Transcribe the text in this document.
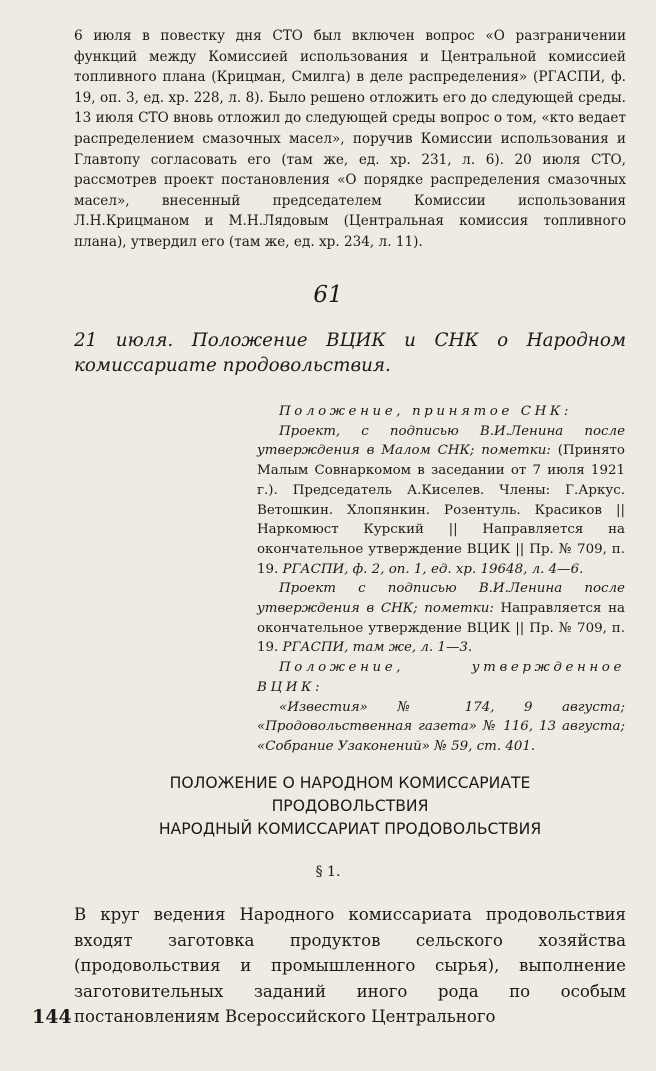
6 июля в повестку дня СТО был включен вопрос «О разграничении функций между Комиссией использования и Центральной комиссией топливного плана (Крицман, Смилга) в деле распределения» (РГАСПИ, ф. 19, оп. 3, ед. хр. 228, л. 8). Было решено отложить его до следующей среды. 13 июля СТО вновь отложил до следующей среды вопрос о том, «кто ведает распределением смазочных масел», поручив Комиссии использования и Главтопу согласовать его (там же, ед. хр. 231, л. 6). 20 июля СТО, рассмотрев проект постановления «О порядке распределения смазочных масел», внесенный председателем Комиссии использования Л.Н.Крицманом и М.Н.Лядовым (Центральная комиссия топливного плана), утвердил его (там же, ед. хр. 234, л. 11).
61
21 июля. Положение ВЦИК и СНК о Народном комиссариате продовольствия.

Положение, принятое СНК:

Проект, с подписью В.И.Ленина после утверждения в Малом СНК; пометки: (Принято Малым Совнаркомом в заседании от 7 июля 1921 г.). Председатель А.Киселев. Члены: Г.Аркус. Ветошкин. Хлопянкин. Розентуль. Красиков || Наркомюст Курский || Направляется на окончательное утверждение ВЦИК || Пр. № 709, п. 19. РГАСПИ, ф. 2, оп. 1, ед. хр. 19648, л. 4—6.

Проект с подписью В.И.Ленина после утверждения в СНК; пометки: Направляется на окончательное утверждение ВЦИК || Пр. № 709, п. 19. РГАСПИ, там же, л. 1—3.

Положение, утвержденное ВЦИК:

«Известия» № 174, 9 августа; «Продовольственная газета» № 116, 13 августа; «Собрание Узаконений» № 59, ст. 401.

ПОЛОЖЕНИЕ О НАРОДНОМ КОМИССАРИАТЕ
ПРОДОВОЛЬСТВИЯ
НАРОДНЫЙ КОМИССАРИАТ ПРОДОВОЛЬСТВИЯ
§ 1.
В круг ведения Народного комиссариата продовольствия входят заготовка продуктов сельского хозяйства (продовольствия и промышленного сырья), выполнение заготовительных заданий иного рода по особым постановлениям Всероссийского Центрального
144
